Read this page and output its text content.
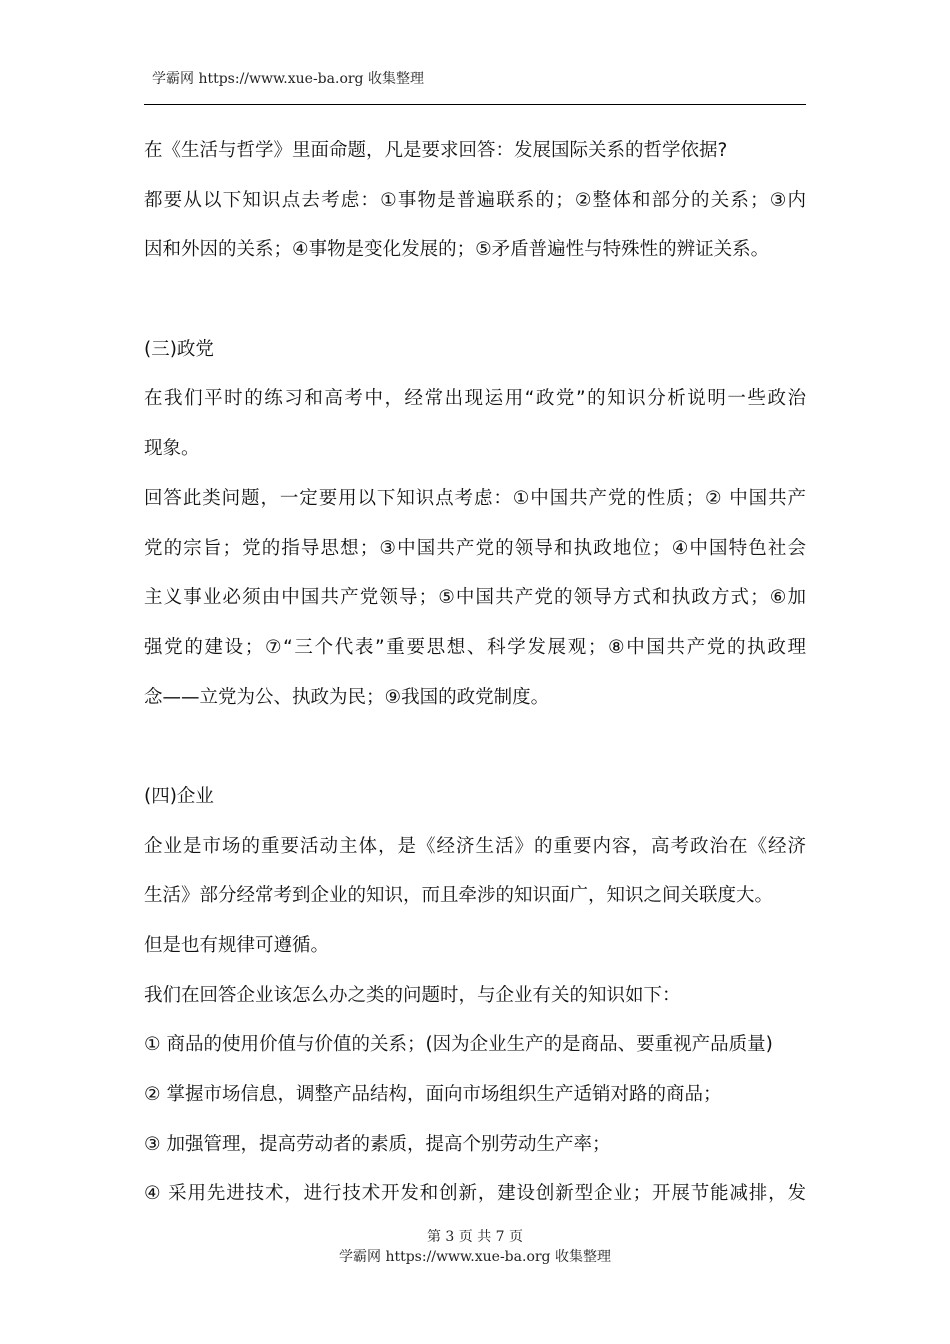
学霸网 https://www.xue-ba.org 收集整理
在《生活与哲学》里面命题，凡是要求回答：发展国际关系的哲学依据?
都要从以下知识点去考虑：①事物是普遍联系的；②整体和部分的关系；③内
因和外因的关系；④事物是变化发展的；⑤矛盾普遍性与特殊性的辨证关系。
(三)政党
在我们平时的练习和高考中，经常出现运用“政党”的知识分析说明一些政治
现象。
回答此类问题，一定要用以下知识点考虑：①中国共产党的性质；② 中国共产
党的宗旨；党的指导思想；③中国共产党的领导和执政地位；④中国特色社会
主义事业必须由中国共产党领导；⑤中国共产党的领导方式和执政方式；⑥加
强党的建设；⑦“三个代表”重要思想、科学发展观；⑧中国共产党的执政理
念——立党为公、执政为民；⑨我国的政党制度。
(四)企业
企业是市场的重要活动主体，是《经济生活》的重要内容，高考政治在《经济
生活》部分经常考到企业的知识，而且牵涉的知识面广，知识之间关联度大。
但是也有规律可遵循。
我们在回答企业该怎么办之类的问题时，与企业有关的知识如下：
① 商品的使用价值与价值的关系；(因为企业生产的是商品、要重视产品质量)
② 掌握市场信息，调整产品结构，面向市场组织生产适销对路的商品；
③ 加强管理，提高劳动者的素质，提高个别劳动生产率；
④ 采用先进技术，进行技术开发和创新，建设创新型企业；开展节能减排，发
第 3 页 共 7 页
学霸网 https://www.xue-ba.org 收集整理
